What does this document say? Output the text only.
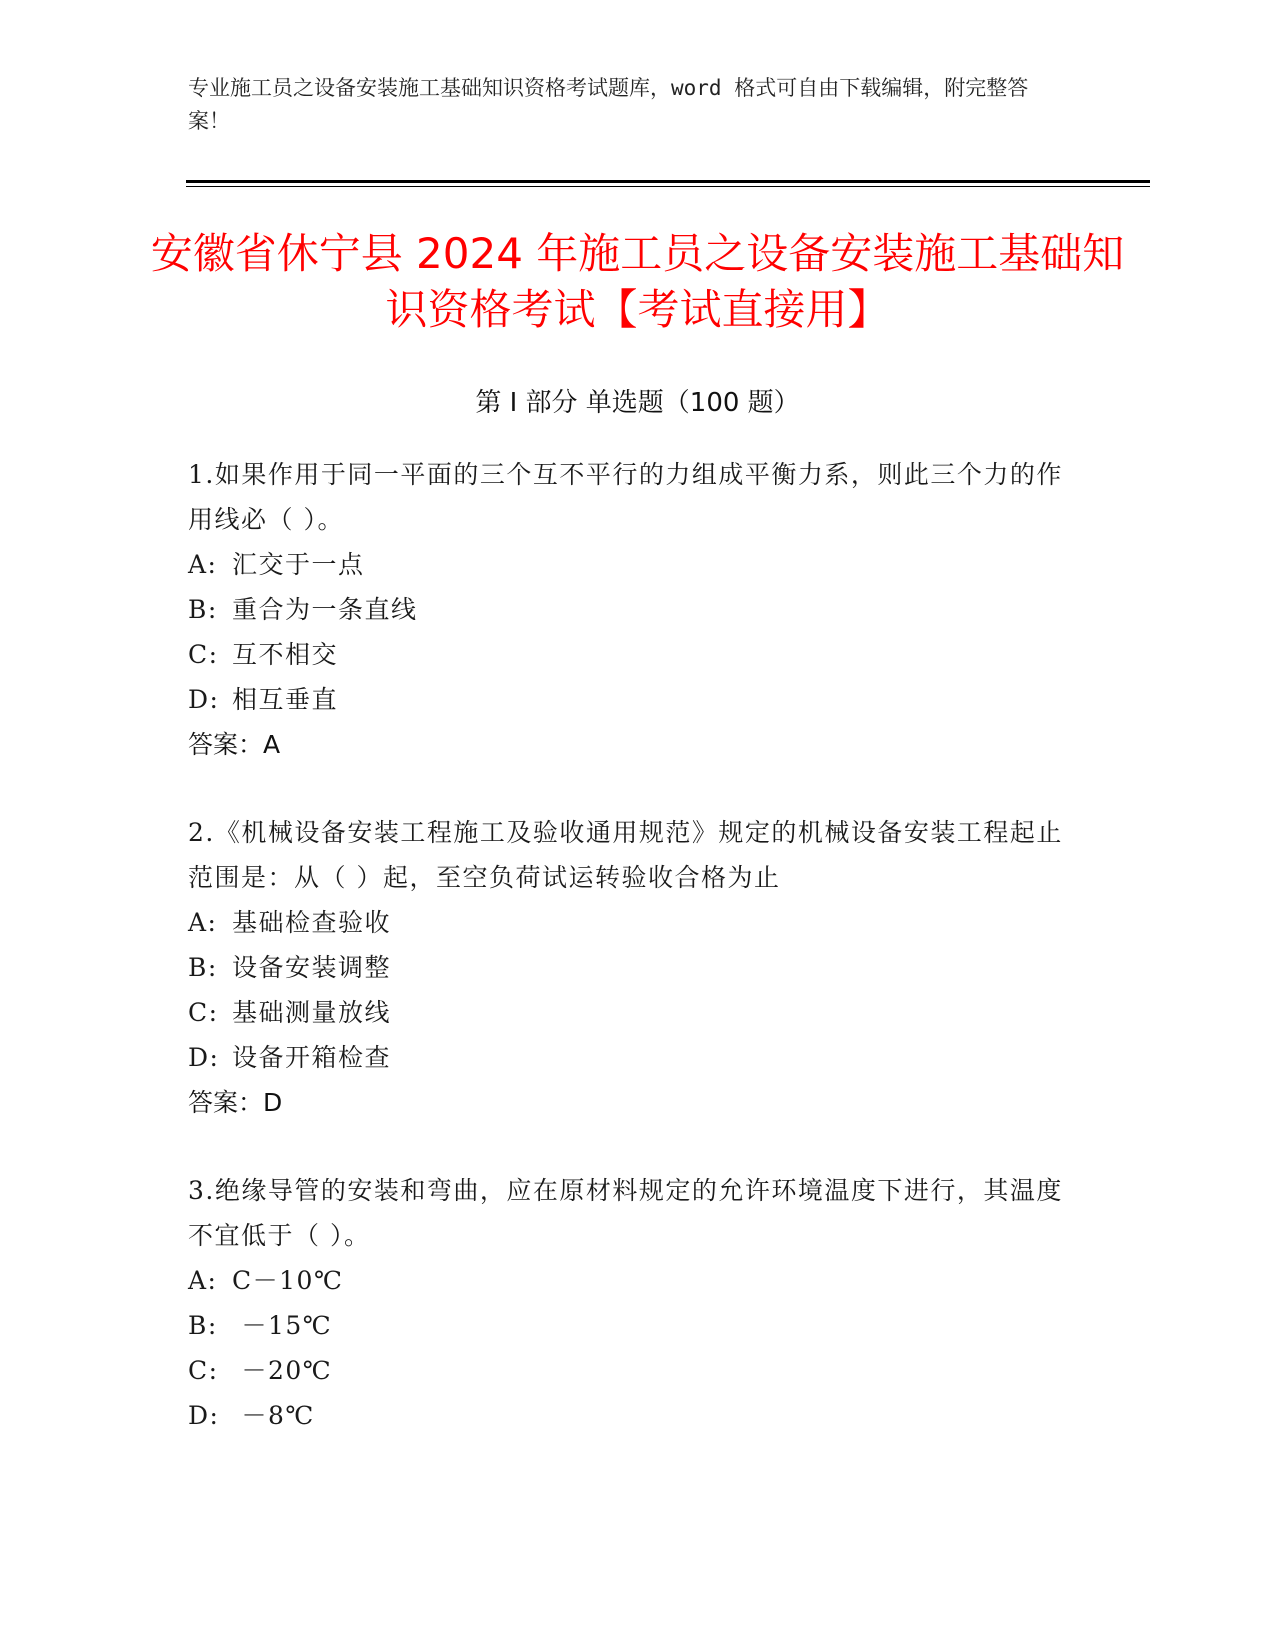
专业施工员之设备安装施工基础知识资格考试题库，word 格式可自由下载编辑，附完整答案！
安徽省休宁县 2024 年施工员之设备安装施工基础知识资格考试【考试直接用】
第 I 部分 单选题（100 题）
1.如果作用于同一平面的三个互不平行的力组成平衡力系，则此三个力的作用线必（ ）。
A: 汇交于一点
B: 重合为一条直线
C: 互不相交
D: 相互垂直
答案：A
2.《机械设备安装工程施工及验收通用规范》规定的机械设备安装工程起止范围是：从（ ）起，至空负荷试运转验收合格为止
A: 基础检查验收
B: 设备安装调整
C: 基础测量放线
D: 设备开箱检查
答案：D
3.绝缘导管的安装和弯曲，应在原材料规定的允许环境温度下进行，其温度不宜低于（ ）。
A: C－10℃
B: －15℃
C: －20℃
D: －8℃
